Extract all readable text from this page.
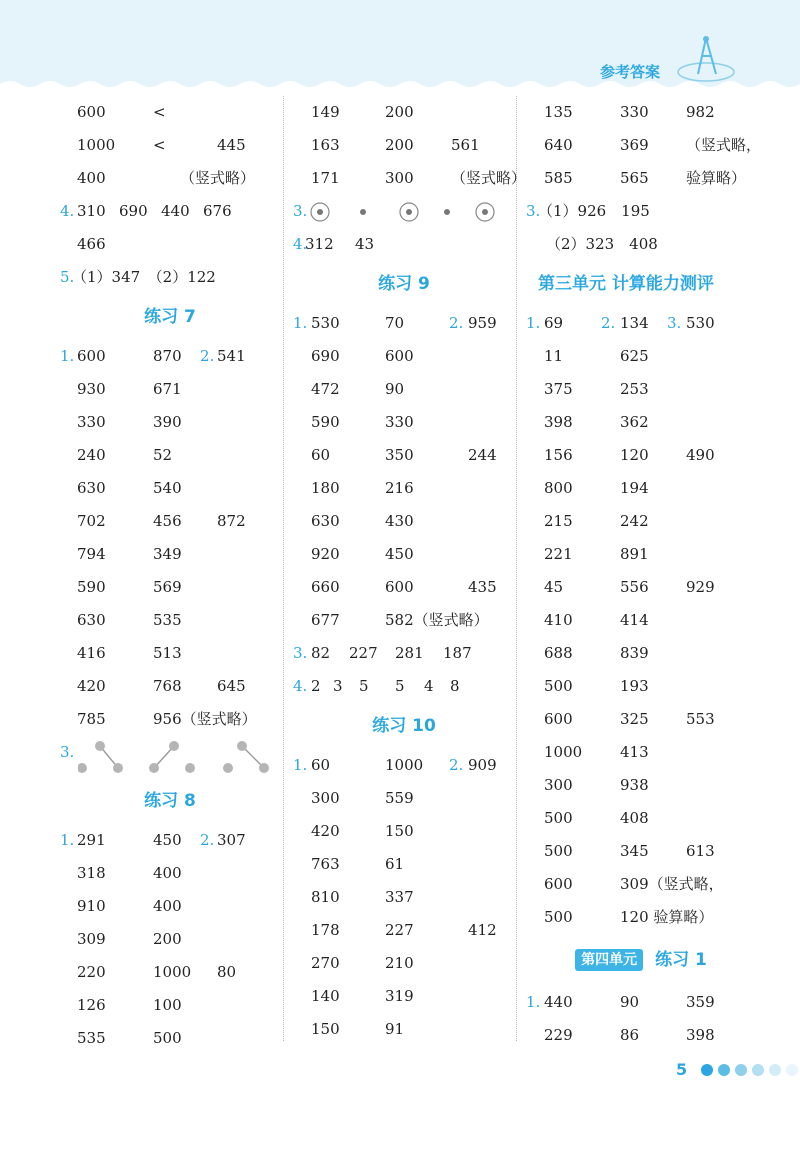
参考答案
600	<
1000	<	445
400	（竖式略）
4. 310 690 440 676
466
5.
（1）347　（2）122
练习 7
1. 600	870 2. 541
930	671
330	390
240	52
630	540
702	456 872
794	349
590	569
630	535
416	513
420	768 645
785	956（竖式略）
3.
练习 8
1. 291	450 2. 307
318	400
910	400
309	200
220	1000 80
126	100
535	500
149	200
163	200 561
171	300 （竖式略）
3.
4.
312 43
练习 9
1. 530	70	2. 959
690	600
472	90
590	330
60	350	244
180	216
630	430
920	450
660	600	435
677	582（竖式略）
3. 82 227 281 187
4. 2 3 5 5 4 8
练习 10
1. 60	1000 2. 909
300	559
420	150
763	61
810	337
178	227	412
270	210
140	319
150	91
135	330 982
640	369 （竖式略，
585	565 验算略）
3.
（1）926　195
（2）323　408
第三单元 计算能力测评
1. 69	2. 134 3. 530
11	625
375	253
398	362
156	120 490
800	194
215	242
221	891
45	556 929
410	414
688	839
500	193
600	325 553
1000	413
300	938
500	408
500	345 613
600	309（竖式略，
500	120 验算略）
第四单元 练习 1
1. 440	90	359
229	86	398
5
